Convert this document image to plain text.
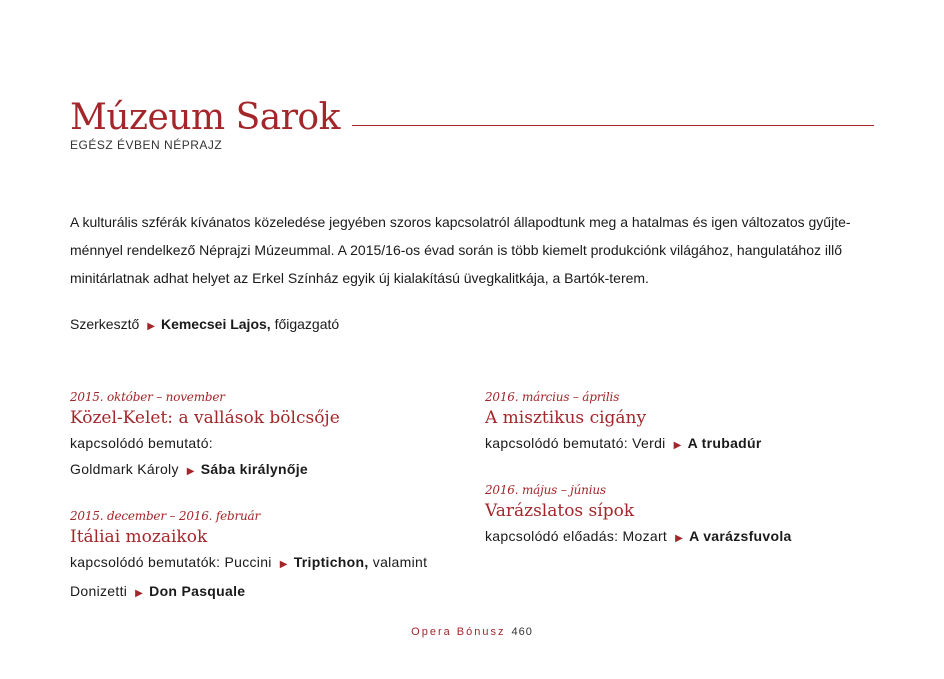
Múzeum Sarok
EGÉSZ ÉVBEN NÉPRAJZ

A kulturális szférák kívánatos közeledése jegyében szoros kapcsolatról állapodtunk meg a hatalmas és igen változatos gyűjte-

ménnyel rendelkező Néprajzi Múzeummal. A 2015/16-os évad során is több kiemelt produkciónk világához, hangulatához illő

minitárlatnak adhat helyet az Erkel Színház egyik új kialakítású üvegkalitkája, a Bartók-terem.

Szerkesztő ▶ Kemecsei Lajos, főigazgató
2015. október – november
Közel-Kelet: a vallások bölcsője
kapcsolódó bemutató:
Goldmark Károly ▶ Sába királynője
2015. december – 2016. február
Itáliai mozaikok
kapcsolódó bemutatók: Puccini ▶ Triptichon, valamint
Donizetti ▶ Don Pasquale
2016. március – április
A misztikus cigány
kapcsolódó bemutató: Verdi ▶ A trubadúr
2016. május – június
Varázslatos sípok
kapcsolódó előadás: Mozart ▶ A varázsfuvola
Opera Bónusz 460
